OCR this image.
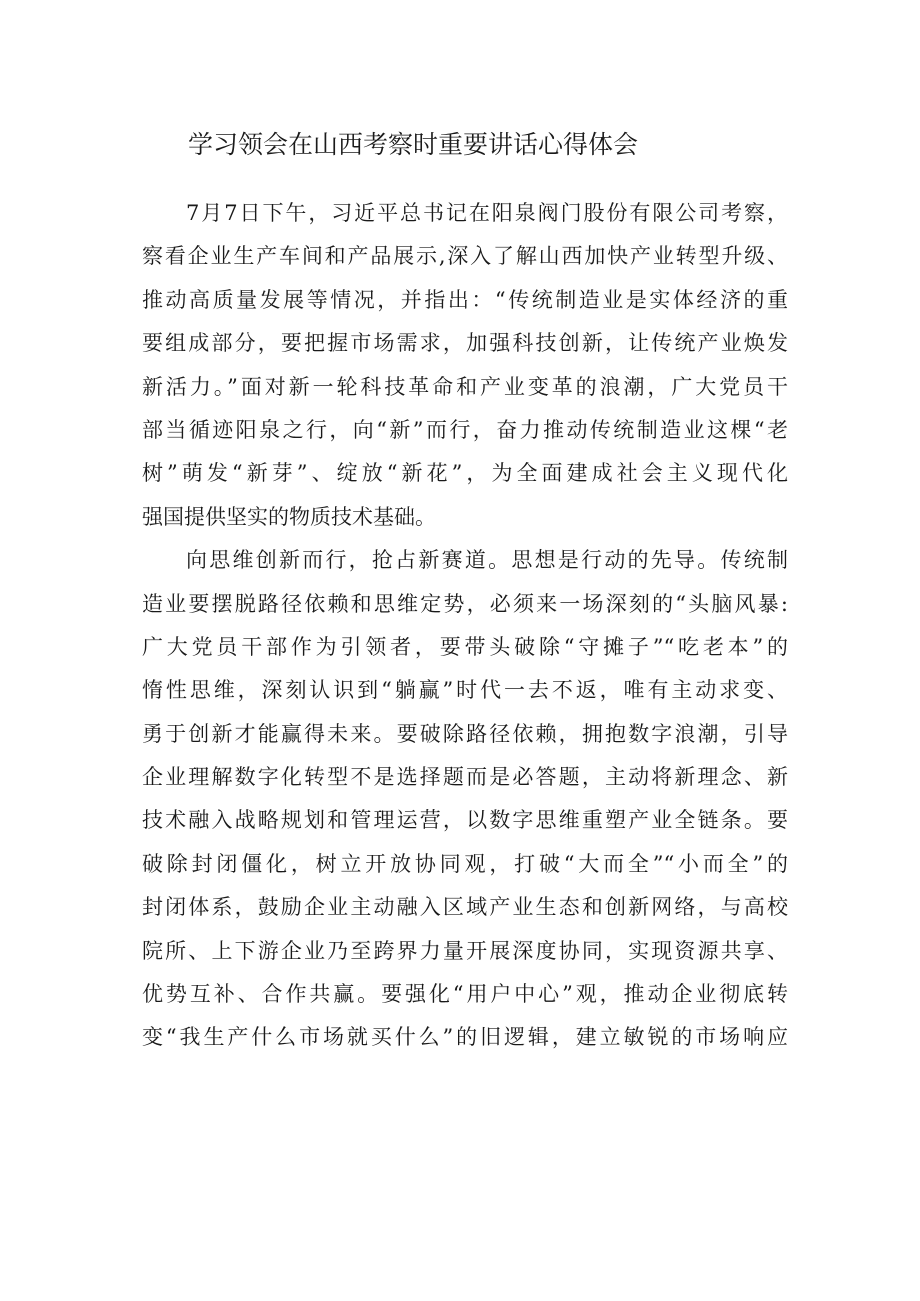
学习领会在山西考察时重要讲话心得体会
7月7日下午，习近平总书记在阳泉阀门股份有限公司考察，
察看企业生产车间和产品展示,深入了解山西加快产业转型升级、
推动高质量发展等情况，并指出：“传统制造业是实体经济的重
要组成部分，要把握市场需求，加强科技创新，让传统产业焕发
新活力。”面对新一轮科技革命和产业变革的浪潮，广大党员干
部当循迹阳泉之行，向“新”而行，奋力推动传统制造业这棵“老
树”萌发“新芽”、绽放“新花”，为全面建成社会主义现代化
强国提供坚实的物质技术基础。
向思维创新而行，抢占新赛道。思想是行动的先导。传统制
造业要摆脱路径依赖和思维定势，必须来一场深刻的“头脑风暴:
广大党员干部作为引领者，要带头破除“守摊子”“吃老本”的
惰性思维，深刻认识到“躺赢”时代一去不返，唯有主动求变、
勇于创新才能赢得未来。要破除路径依赖，拥抱数字浪潮，引导
企业理解数字化转型不是选择题而是必答题，主动将新理念、新
技术融入战略规划和管理运营，以数字思维重塑产业全链条。要
破除封闭僵化，树立开放协同观，打破“大而全”“小而全”的
封闭体系，鼓励企业主动融入区域产业生态和创新网络，与高校
院所、上下游企业乃至跨界力量开展深度协同，实现资源共享、
优势互补、合作共赢。要强化“用户中心”观，推动企业彻底转
变“我生产什么市场就买什么”的旧逻辑，建立敏锐的市场响应
